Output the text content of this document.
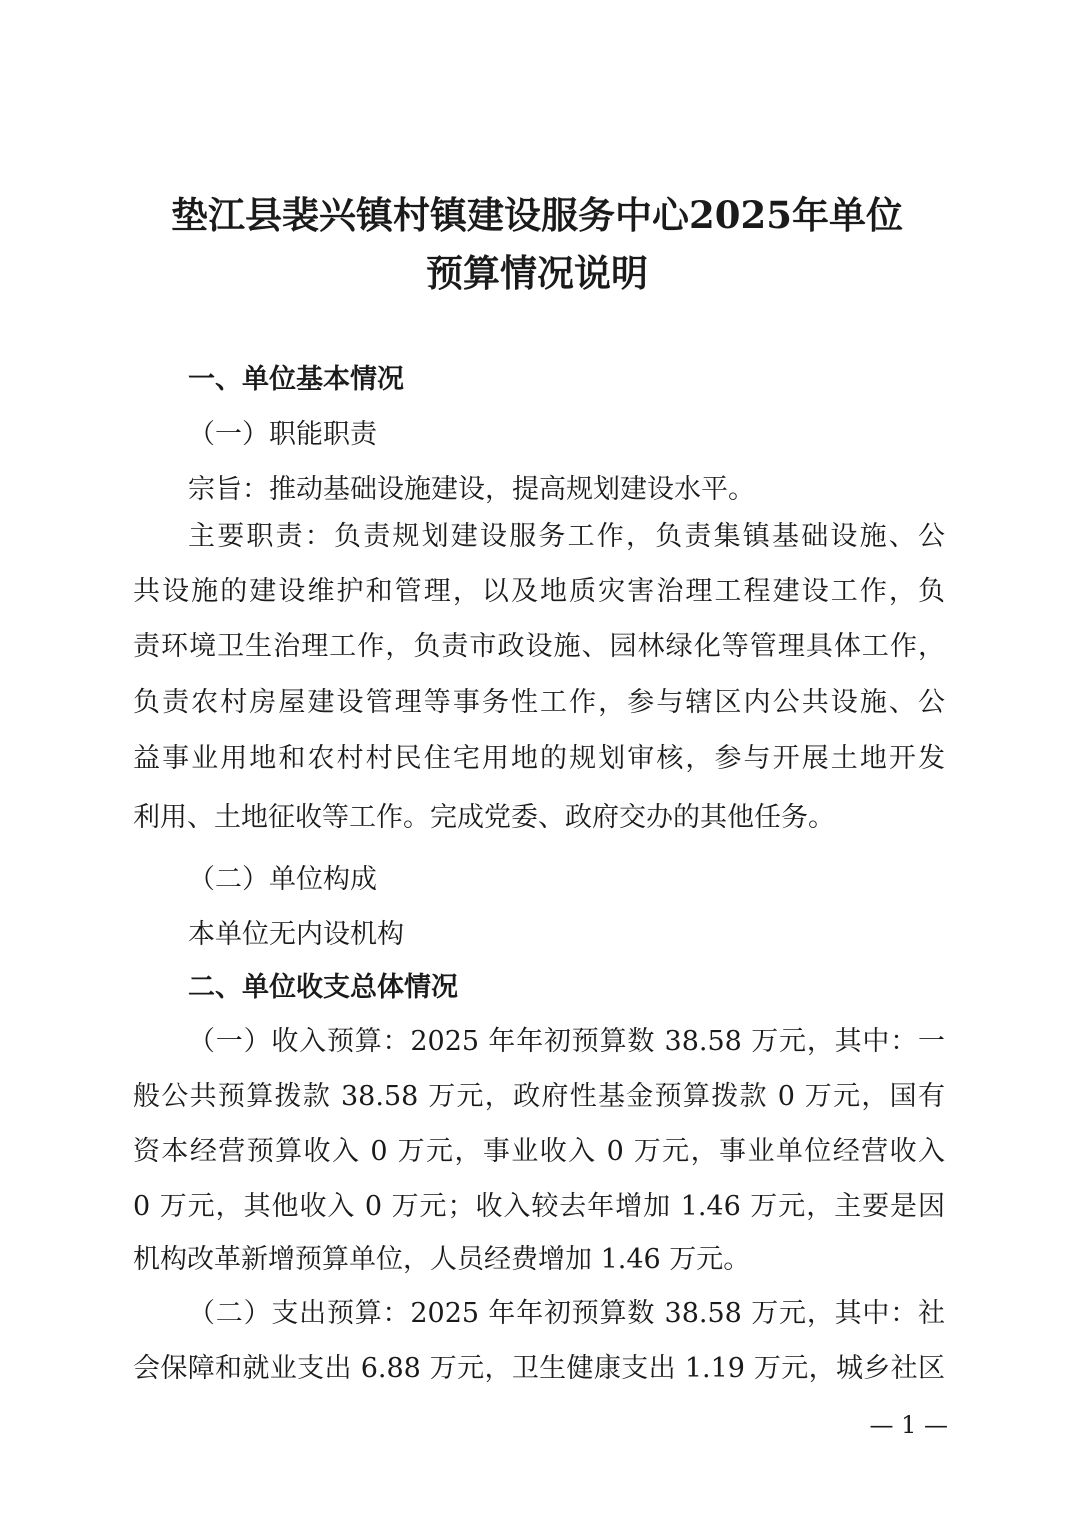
垫江县裴兴镇村镇建设服务中心2025年单位
预算情况说明
一、单位基本情况
（一）职能职责
宗旨：推动基础设施建设，提高规划建设水平。
主要职责：负责规划建设服务工作，负责集镇基础设施、公
共设施的建设维护和管理，以及地质灾害治理工程建设工作，负
责环境卫生治理工作，负责市政设施、园林绿化等管理具体工作，
负责农村房屋建设管理等事务性工作，参与辖区内公共设施、公
益事业用地和农村村民住宅用地的规划审核，参与开展土地开发
利用、土地征收等工作。完成党委、政府交办的其他任务。
（二）单位构成
本单位无内设机构
二、单位收支总体情况
（一）收入预算：2025 年年初预算数 38.58 万元，其中：一
般公共预算拨款 38.58 万元，政府性基金预算拨款 0 万元，国有
资本经营预算收入 0 万元，事业收入 0 万元，事业单位经营收入
0 万元，其他收入 0 万元；收入较去年增加 1.46 万元，主要是因
机构改革新增预算单位，人员经费增加 1.46 万元。
（二）支出预算：2025 年年初预算数 38.58 万元，其中：社
会保障和就业支出 6.88 万元，卫生健康支出 1.19 万元，城乡社区
— 1 —
